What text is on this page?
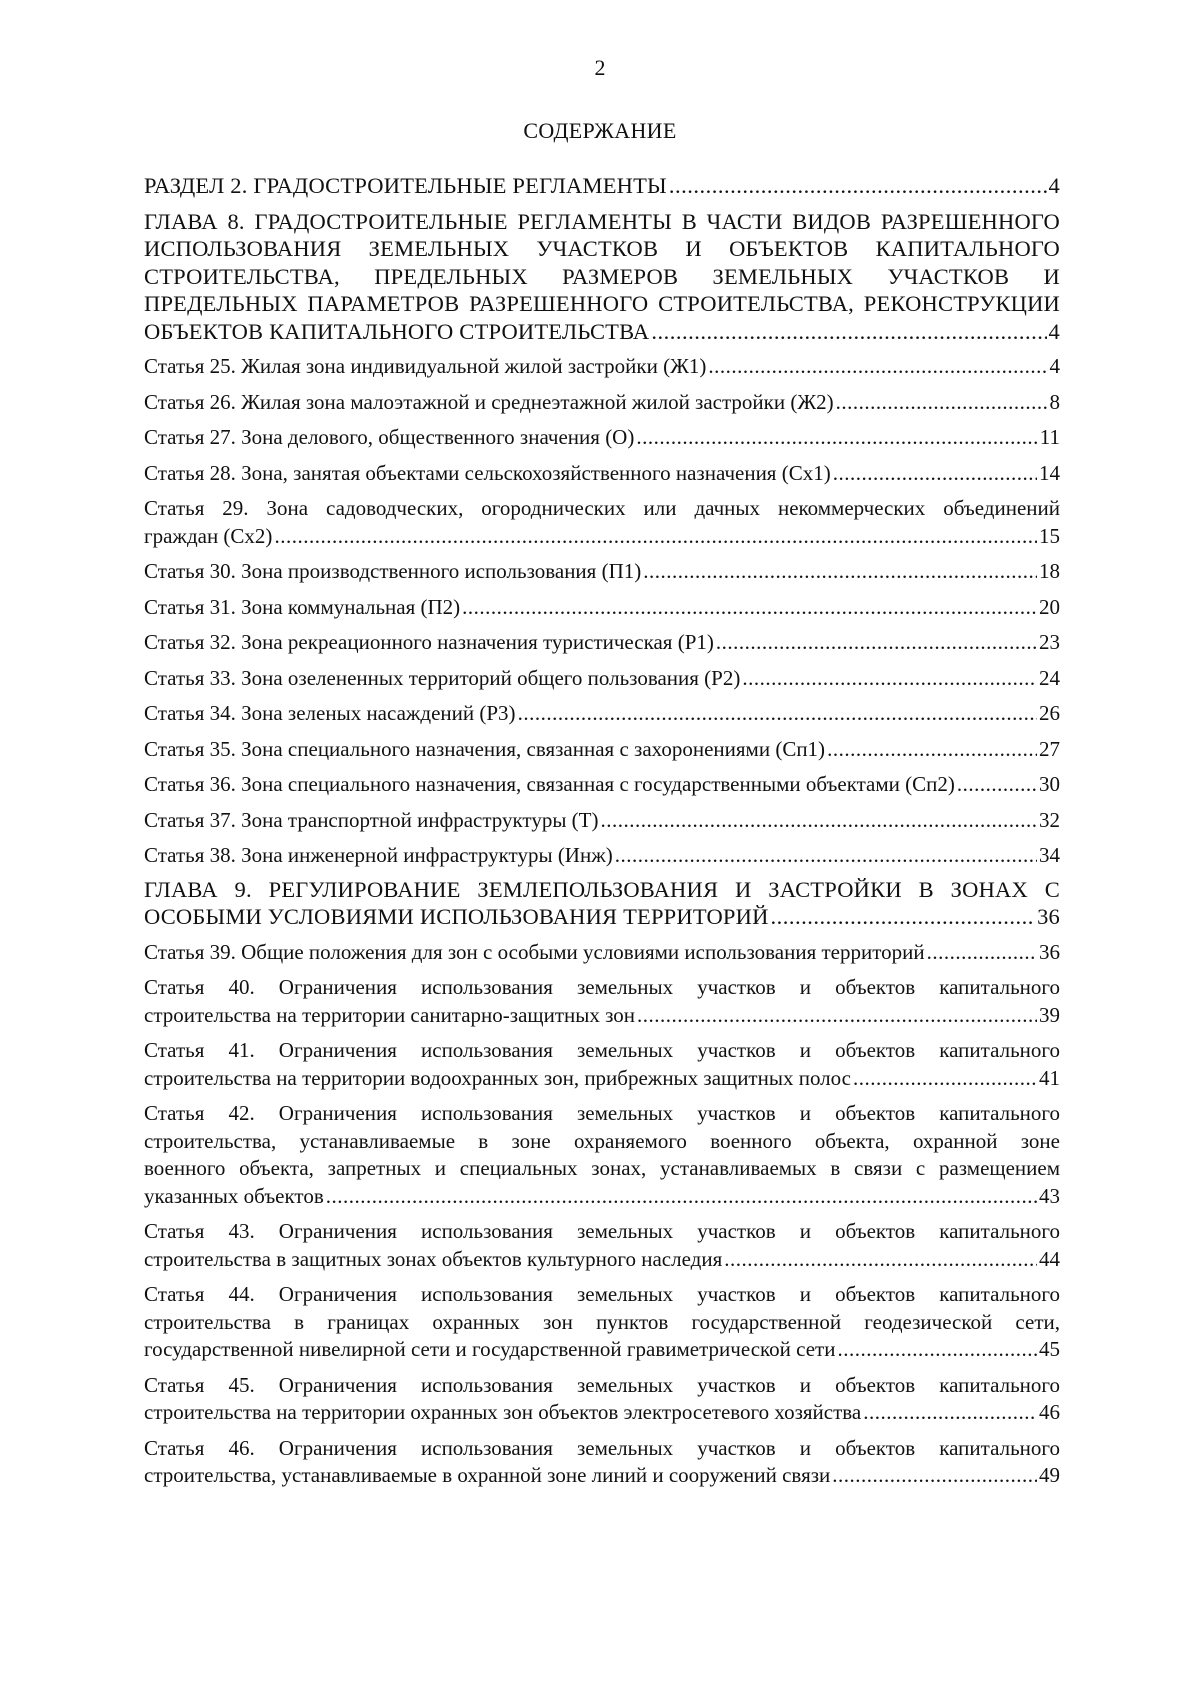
2
СОДЕРЖАНИЕ
РАЗДЕЛ 2. ГРАДОСТРОИТЕЛЬНЫЕ РЕГЛАМЕНТЫ .....	4
ГЛАВА 8. ГРАДОСТРОИТЕЛЬНЫЕ РЕГЛАМЕНТЫ В ЧАСТИ ВИДОВ РАЗРЕШЕННОГО
ИСПОЛЬЗОВАНИЯ ЗЕМЕЛЬНЫХ УЧАСТКОВ И ОБЪЕКТОВ КАПИТАЛЬНОГО
СТРОИТЕЛЬСТВА, ПРЕДЕЛЬНЫХ РАЗМЕРОВ ЗЕМЕЛЬНЫХ УЧАСТКОВ И
ПРЕДЕЛЬНЫХ ПАРАМЕТРОВ РАЗРЕШЕННОГО СТРОИТЕЛЬСТВА, РЕКОНСТРУКЦИИ
ОБЪЕКТОВ КАПИТАЛЬНОГО СТРОИТЕЛЬСТВА .....	4
Статья 25. Жилая зона индивидуальной жилой застройки (Ж1) .....	4
Статья 26. Жилая зона малоэтажной и среднеэтажной жилой застройки (Ж2) .....	8
Статья 27. Зона делового, общественного значения (О) .....	11
Статья 28. Зона, занятая объектами сельскохозяйственного назначения (Сх1) .....	14
Статья 29. Зона садоводческих, огороднических или дачных некоммерческих объединений
граждан (Сх2) .....	15
Статья 30. Зона производственного использования (П1) .....	18
Статья 31. Зона коммунальная (П2) .....	20
Статья 32. Зона рекреационного назначения туристическая (Р1) .....	23
Статья 33. Зона озелененных территорий общего пользования (Р2) .....	24
Статья 34. Зона зеленых насаждений (Р3) .....	26
Статья 35. Зона специального назначения, связанная с захоронениями (Сп1) .....	27
Статья 36. Зона специального назначения, связанная с государственными объектами (Сп2) .....	30
Статья 37. Зона транспортной инфраструктуры (Т) .....	32
Статья 38. Зона инженерной инфраструктуры (Инж) .....	34
ГЛАВА 9. РЕГУЛИРОВАНИЕ ЗЕМЛЕПОЛЬЗОВАНИЯ И ЗАСТРОЙКИ В ЗОНАХ С
ОСОБЫМИ УСЛОВИЯМИ ИСПОЛЬЗОВАНИЯ ТЕРРИТОРИЙ .....	36
Статья 39. Общие положения для зон с особыми условиями использования территорий .....	36
Статья 40. Ограничения использования земельных участков и объектов капитального
строительства на территории санитарно-защитных зон .....	39
Статья 41. Ограничения использования земельных участков и объектов капитального
строительства на территории водоохранных зон, прибрежных защитных полос .....	41
Статья 42. Ограничения использования земельных участков и объектов капитального
строительства, устанавливаемые в зоне охраняемого военного объекта, охранной зоне
военного объекта, запретных и специальных зонах, устанавливаемых в связи с размещением
указанных объектов .....	43
Статья 43. Ограничения использования земельных участков и объектов капитального
строительства в защитных зонах объектов культурного наследия .....	44
Статья 44. Ограничения использования земельных участков и объектов капитального
строительства в границах охранных зон пунктов государственной геодезической сети,
государственной нивелирной сети и государственной гравиметрической сети .....	45
Статья 45. Ограничения использования земельных участков и объектов капитального
строительства на территории охранных зон объектов электросетевого хозяйства .....	46
Статья 46. Ограничения использования земельных участков и объектов капитального
строительства, устанавливаемые в охранной зоне линий и сооружений связи .....	49
